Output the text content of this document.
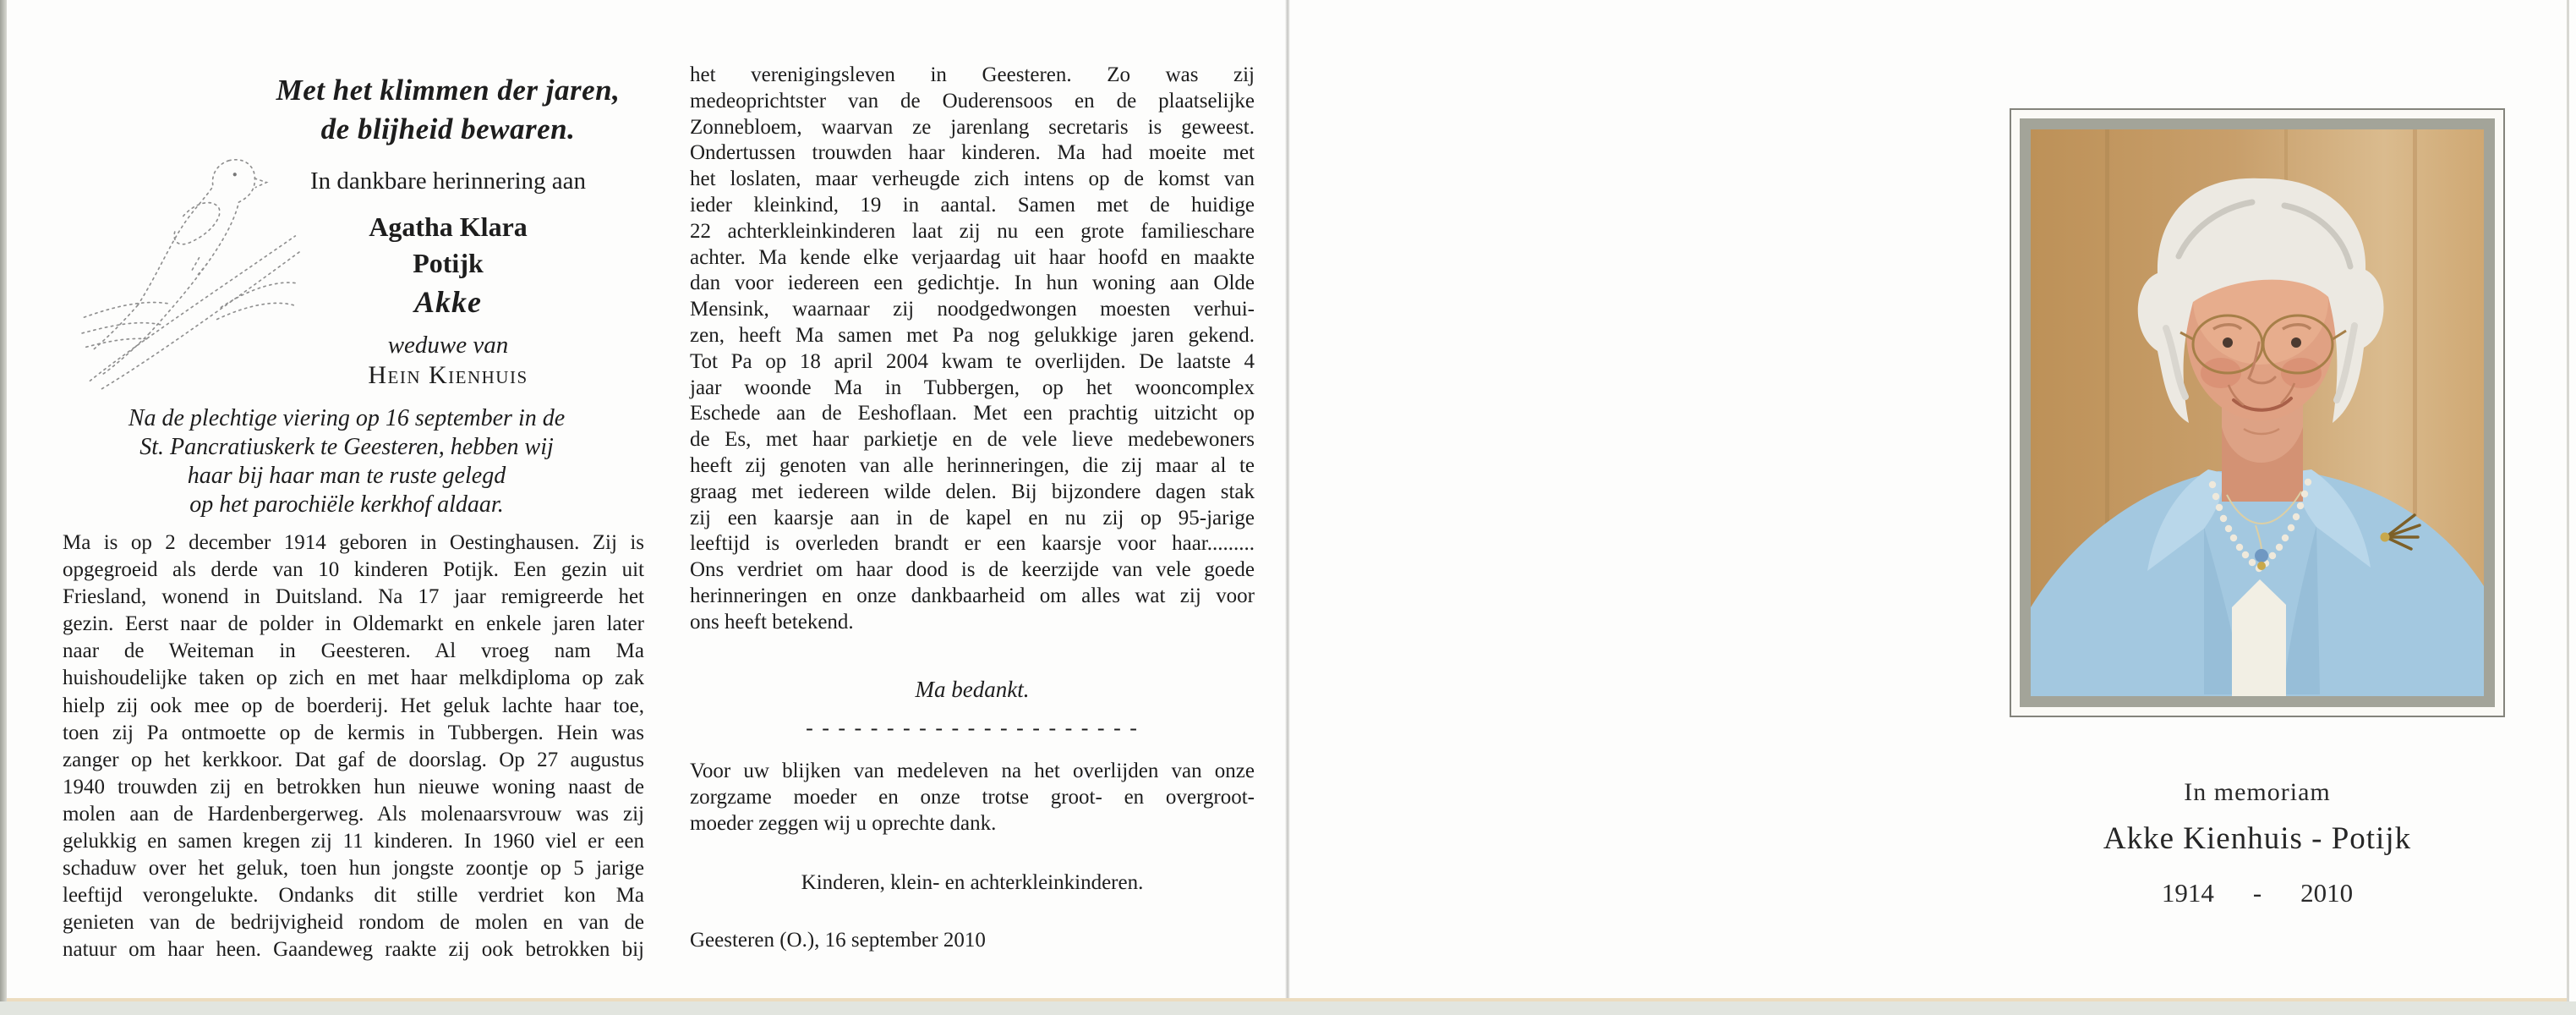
Met het klimmen der jaren,
de blijheid bewaren.
In dankbare herinnering aan
Agatha Klara
Potijk
Akke
weduwe van
Hein Kienhuis
Na de plechtige viering op 16 september in de
St. Pancratiuskerk te Geesteren, hebben wij
haar bij haar man te ruste gelegd
op het parochiële kerkhof aldaar.
Ma is op 2 december 1914 geboren in Oestinghausen. Zij is
opgegroeid als derde van 10 kinderen Potijk. Een gezin uit
Friesland, wonend in Duitsland. Na 17 jaar remigreerde het
gezin. Eerst naar de polder in Oldemarkt en enkele jaren later
naar de Weiteman in Geesteren. Al vroeg nam Ma
huishoudelijke taken op zich en met haar melkdiploma op zak
hielp zij ook mee op de boerderij. Het geluk lachte haar toe,
toen zij Pa ontmoette op de kermis in Tubbergen. Hein was
zanger op het kerkkoor. Dat gaf de doorslag. Op 27 augustus
1940 trouwden zij en betrokken hun nieuwe woning naast de
molen aan de Hardenbergerweg. Als molenaarsvrouw was zij
gelukkig en samen kregen zij 11 kinderen. In 1960 viel er een
schaduw over het geluk, toen hun jongste zoontje op 5 jarige
leeftijd verongelukte. Ondanks dit stille verdriet kon Ma
genieten van de bedrijvigheid rondom de molen en van de
natuur om haar heen. Gaandeweg raakte zij ook betrokken bij
het verenigingsleven in Geesteren. Zo was zij
medeoprichtster van de Ouderensoos en de plaatselijke
Zonnebloem, waarvan ze jarenlang secretaris is geweest.
Ondertussen trouwden haar kinderen. Ma had moeite met
het loslaten, maar verheugde zich intens op de komst van
ieder kleinkind, 19 in aantal. Samen met de huidige
22 achterkleinkinderen laat zij nu een grote familieschare
achter. Ma kende elke verjaardag uit haar hoofd en maakte
dan voor iedereen een gedichtje. In hun woning aan Olde
Mensink, waarnaar zij noodgedwongen moesten verhui-
zen, heeft Ma samen met Pa nog gelukkige jaren gekend.
Tot Pa op 18 april 2004 kwam te overlijden. De laatste 4
jaar woonde Ma in Tubbergen, op het wooncomplex
Eschede aan de Eeshoflaan. Met een prachtig uitzicht op
de Es, met haar parkietje en de vele lieve medebewoners
heeft zij genoten van alle herinneringen, die zij maar al te
graag met iedereen wilde delen. Bij bijzondere dagen stak
zij een kaarsje aan in de kapel en nu zij op 95-jarige
leeftijd is overleden brandt er een kaarsje voor haar.........
Ons verdriet om haar dood is de keerzijde van vele goede
herinneringen en onze dankbaarheid om alles wat zij voor
ons heeft betekend.
Ma bedankt.
- - - - - - - - - - - - - - - - - - - - -
Voor uw blijken van medeleven na het overlijden van onze
zorgzame moeder en onze trotse groot- en overgroot-
moeder zeggen wij u oprechte dank.
Kinderen, klein- en achterkleinkinderen.
Geesteren (O.), 16 september 2010
In memoriam
Akke Kienhuis - Potijk
1914 - 2010
